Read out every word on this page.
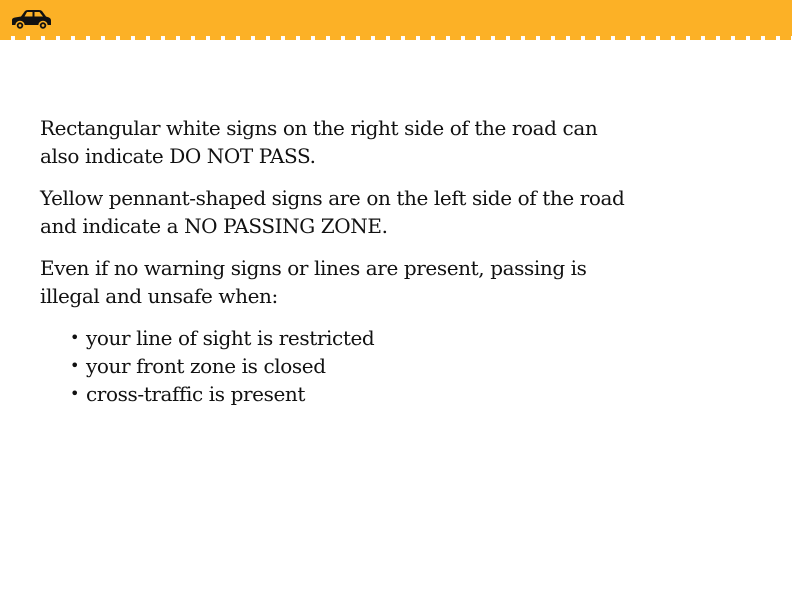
Rectangular white signs on the right side of the road can also indicate DO NOT PASS.

Yellow pennant-shaped signs are on the left side of the road and indicate a NO PASSING ZONE.

Even if no warning signs or lines are present, passing is illegal and unsafe when:

• your line of sight is restricted
• your front zone is closed
• cross-traffic is present
